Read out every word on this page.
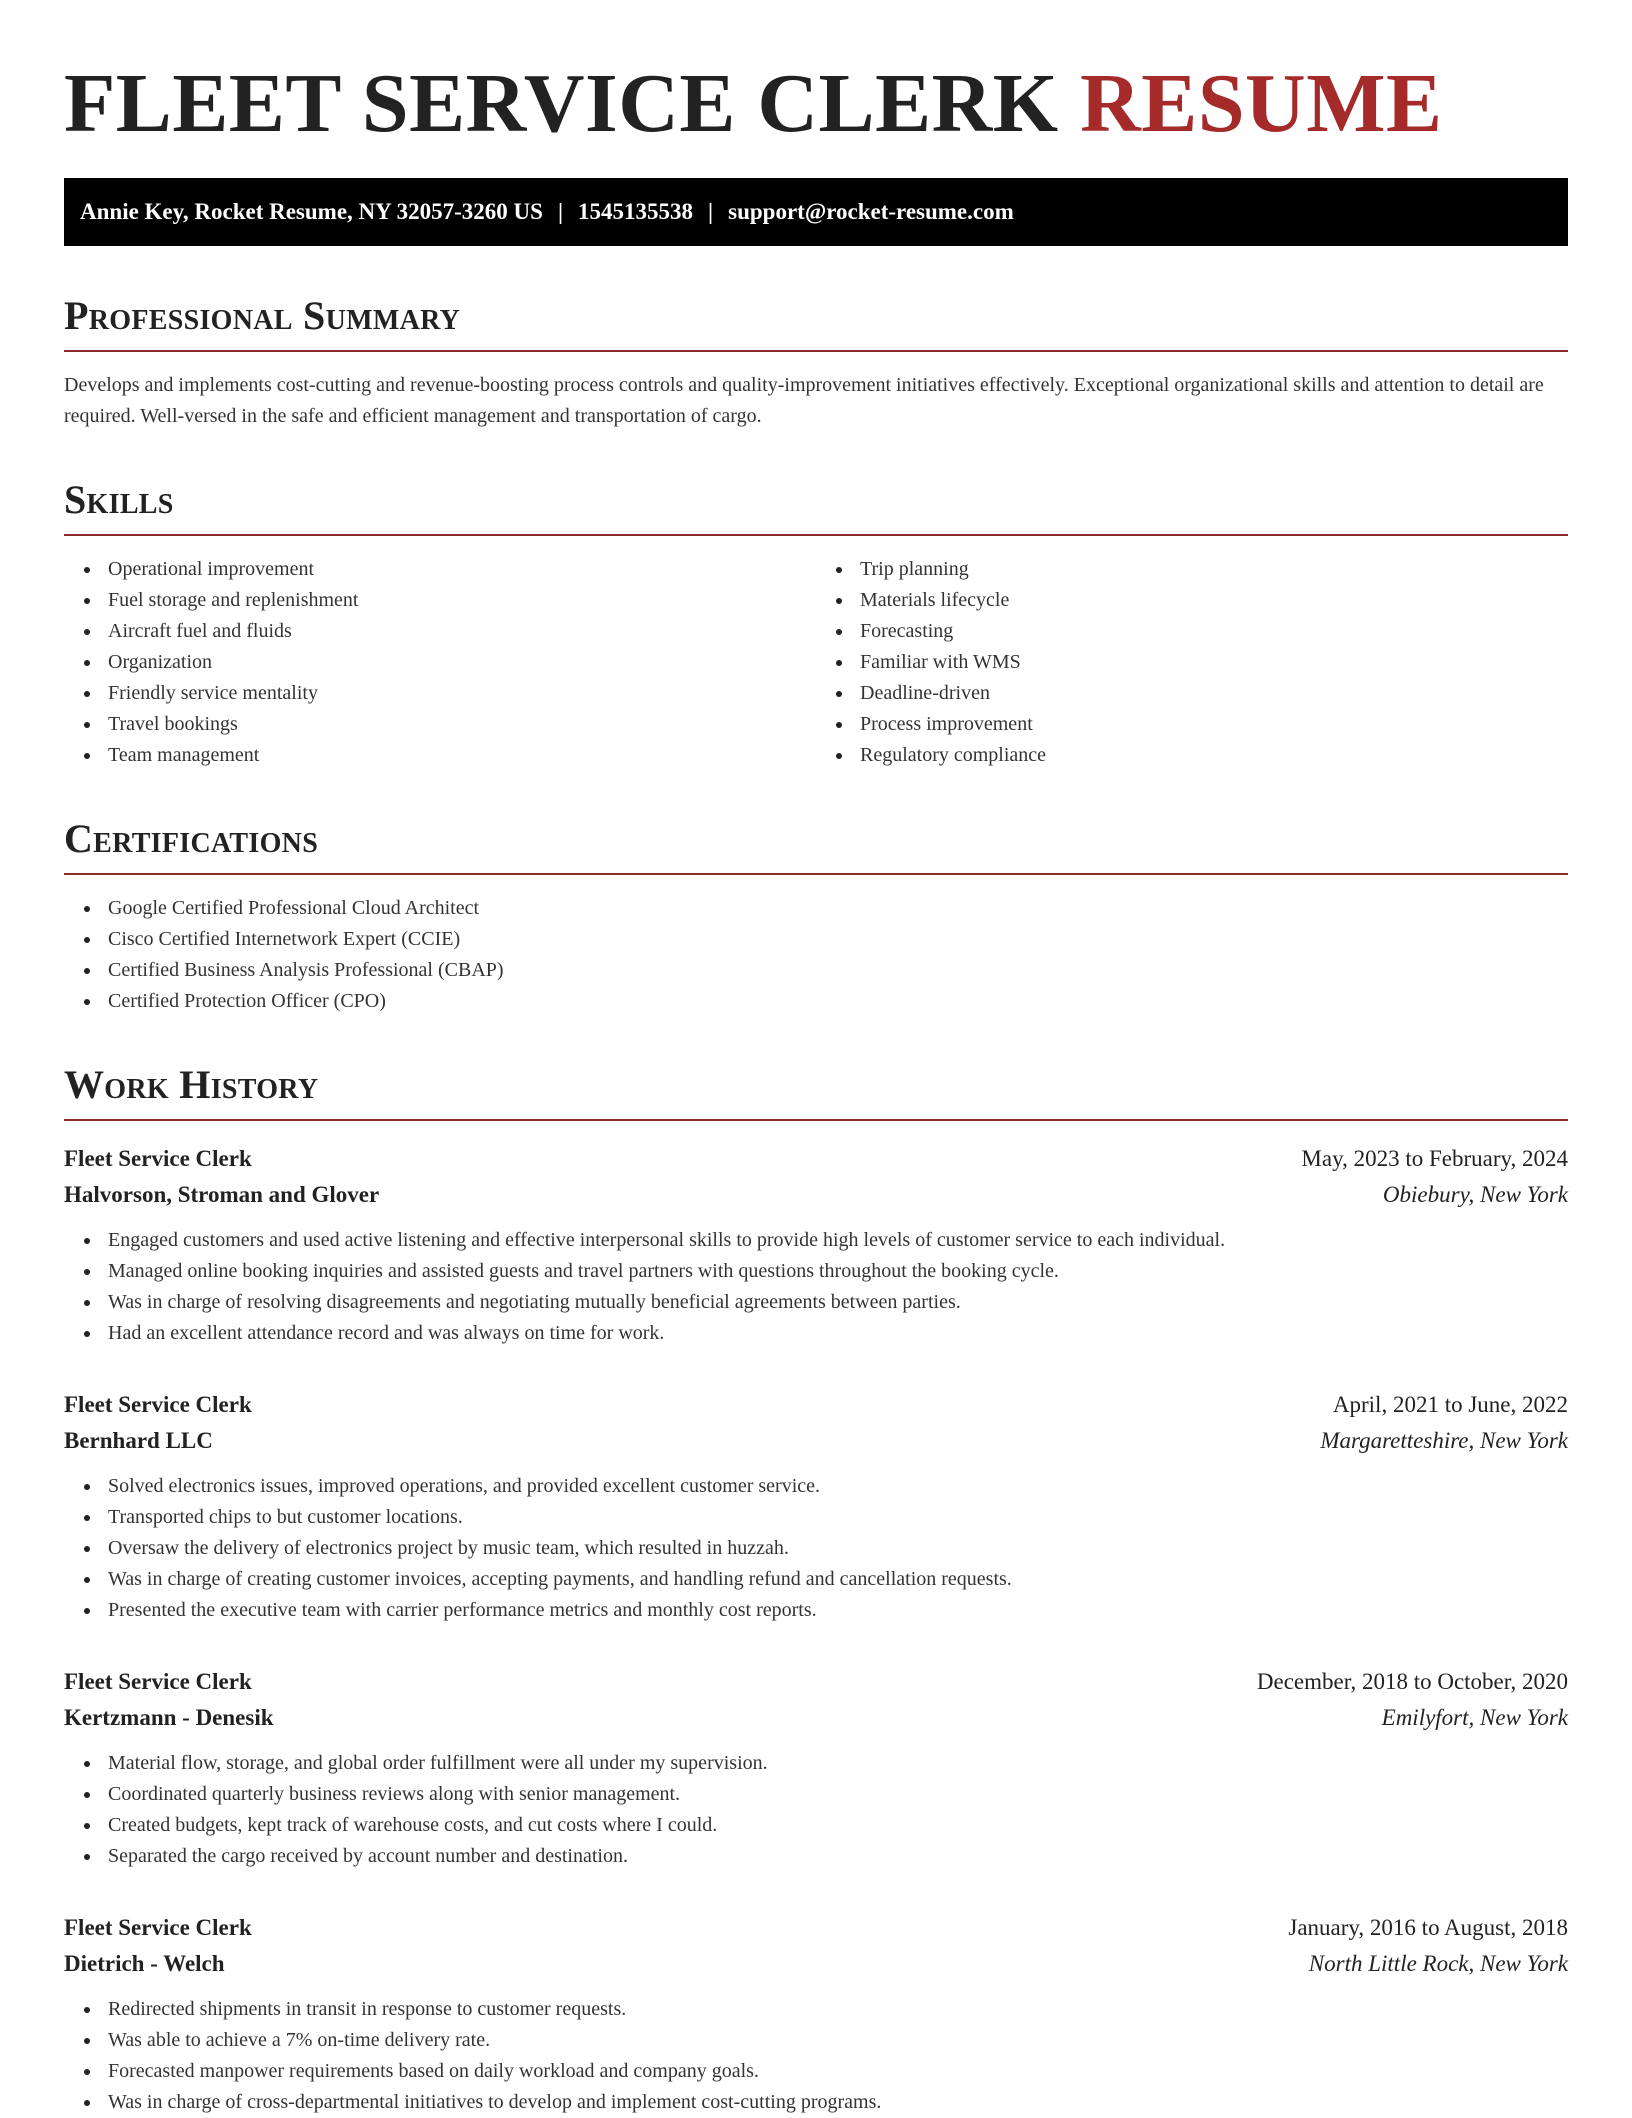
FLEET SERVICE CLERK RESUME
Annie Key, Rocket Resume, NY 32057-3260 US | 1545135538 | support@rocket-resume.com
Professional Summary

Develops and implements cost-cutting and revenue-boosting process controls and quality-improvement initiatives effectively. Exceptional organizational skills and attention to detail are required. Well-versed in the safe and efficient management and transportation of cargo.

Skills
Operational improvement
Fuel storage and replenishment
Aircraft fuel and fluids
Organization
Friendly service mentality
Travel bookings
Team management
Trip planning
Materials lifecycle
Forecasting
Familiar with WMS
Deadline-driven
Process improvement
Regulatory compliance
Certifications
Google Certified Professional Cloud Architect
Cisco Certified Internetwork Expert (CCIE)
Certified Business Analysis Professional (CBAP)
Certified Protection Officer (CPO)
Work History
Fleet Service Clerk	May, 2023 to February, 2024
Halvorson, Stroman and Glover	Obiebury, New York
Engaged customers and used active listening and effective interpersonal skills to provide high levels of customer service to each individual.
Managed online booking inquiries and assisted guests and travel partners with questions throughout the booking cycle.
Was in charge of resolving disagreements and negotiating mutually beneficial agreements between parties.
Had an excellent attendance record and was always on time for work.
Fleet Service Clerk	April, 2021 to June, 2022
Bernhard LLC	Margaretteshire, New York
Solved electronics issues, improved operations, and provided excellent customer service.
Transported chips to but customer locations.
Oversaw the delivery of electronics project by music team, which resulted in huzzah.
Was in charge of creating customer invoices, accepting payments, and handling refund and cancellation requests.
Presented the executive team with carrier performance metrics and monthly cost reports.
Fleet Service Clerk	December, 2018 to October, 2020
Kertzmann - Denesik	Emilyfort, New York
Material flow, storage, and global order fulfillment were all under my supervision.
Coordinated quarterly business reviews along with senior management.
Created budgets, kept track of warehouse costs, and cut costs where I could.
Separated the cargo received by account number and destination.
Fleet Service Clerk	January, 2016 to August, 2018
Dietrich - Welch	North Little Rock, New York
Redirected shipments in transit in response to customer requests.
Was able to achieve a 7% on-time delivery rate.
Forecasted manpower requirements based on daily workload and company goals.
Was in charge of cross-departmental initiatives to develop and implement cost-cutting programs.
